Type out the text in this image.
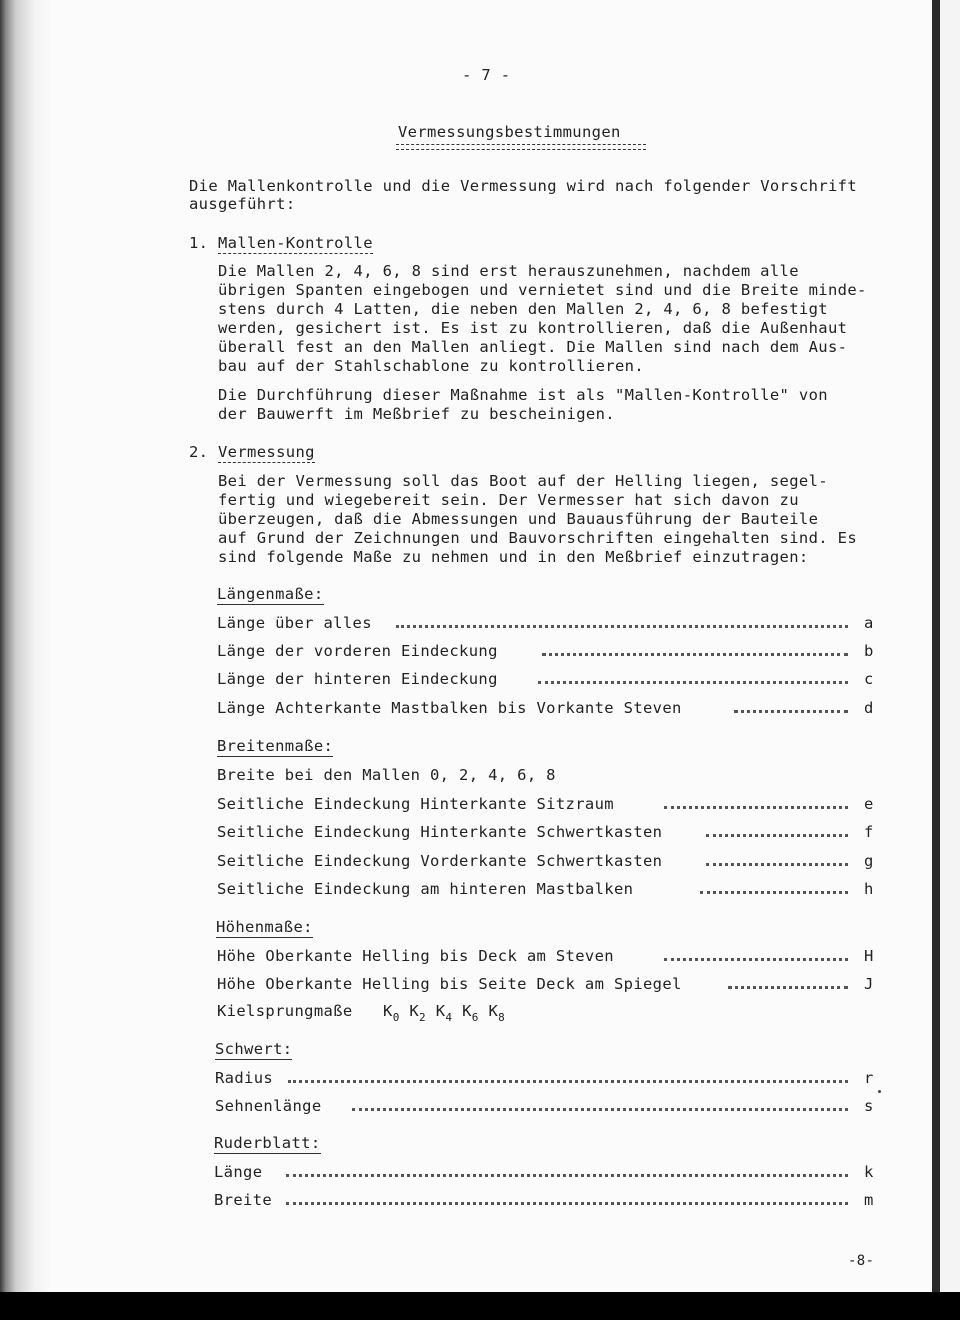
- 7 -
Vermessungsbestimmungen
Die Mallenkontrolle und die Vermessung wird nach folgender Vorschrift
ausgeführt:
1. Mallen-Kontrolle
Die Mallen 2, 4, 6, 8 sind erst herauszunehmen, nachdem alle
übrigen Spanten eingebogen und vernietet sind und die Breite minde-
stens durch 4 Latten, die neben den Mallen 2, 4, 6, 8 befestigt
werden, gesichert ist. Es ist zu kontrollieren, daß die Außenhaut
überall fest an den Mallen anliegt. Die Mallen sind nach dem Aus-
bau auf der Stahlschablone zu kontrollieren.
Die Durchführung dieser Maßnahme ist als "Mallen-Kontrolle" von
der Bauwerft im Meßbrief zu bescheinigen.
2. Vermessung
Bei der Vermessung soll das Boot auf der Helling liegen, segel-
fertig und wiegebereit sein. Der Vermesser hat sich davon zu
überzeugen, daß die Abmessungen und Bauausführung der Bauteile
auf Grund der Zeichnungen und Bauvorschriften eingehalten sind. Es
sind folgende Maße zu nehmen und in den Meßbrief einzutragen:
Längenmaße:
Länge über alles	a
Länge der vorderen Eindeckung	b
Länge der hinteren Eindeckung	c
Länge Achterkante Mastbalken bis Vorkante Steven	d
Breitenmaße:
Breite bei den Mallen 0, 2, 4, 6, 8
Seitliche Eindeckung Hinterkante Sitzraum	e
Seitliche Eindeckung Hinterkante Schwertkasten	f
Seitliche Eindeckung Vorderkante Schwertkasten	g
Seitliche Eindeckung am hinteren Mastbalken	h
Höhenmaße:
Höhe Oberkante Helling bis Deck am Steven	H
Höhe Oberkante Helling bis Seite Deck am Spiegel	J
Kielsprungmaße $K_0$ $K_2$ $K_4$ $K_6$ $K_8$
Schwert:
Radius	r
Sehnenlänge	s
Ruderblatt:
Länge	k
Breite	m
-8-
